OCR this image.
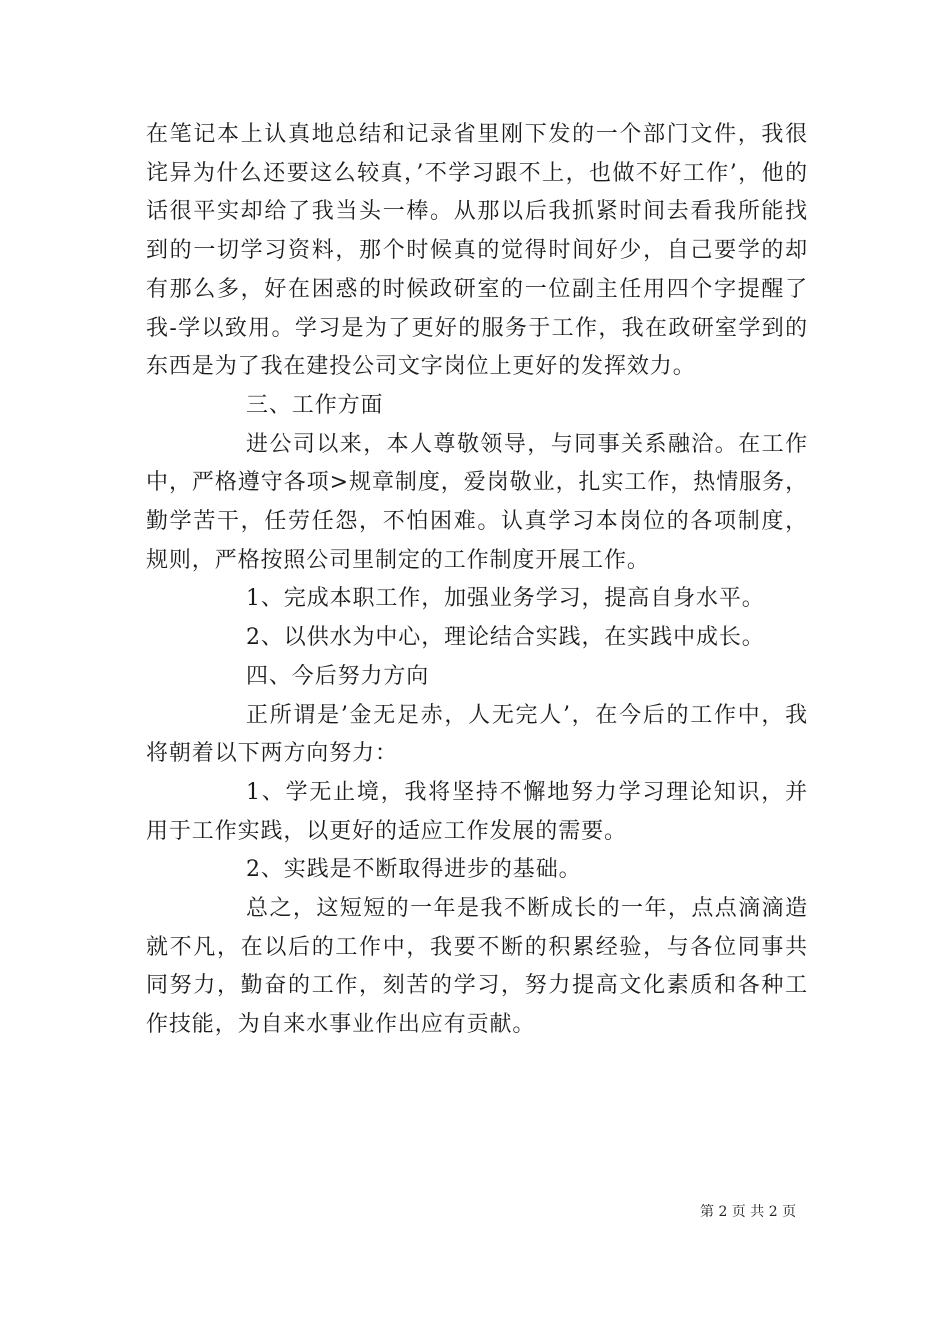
在笔记本上认真地总结和记录省里刚下发的一个部门文件，我很诧异为什么还要这么较真，’不学习跟不上，也做不好工作’，他的话很平实却给了我当头一棒。从那以后我抓紧时间去看我所能找到的一切学习资料，那个时候真的觉得时间好少，自己要学的却有那么多，好在困惑的时候政研室的一位副主任用四个字提醒了我-学以致用。学习是为了更好的服务于工作，我在政研室学到的东西是为了我在建投公司文字岗位上更好的发挥效力。

三、工作方面

进公司以来，本人尊敬领导，与同事关系融洽。在工作中，严格遵守各项>规章制度，爱岗敬业，扎实工作，热情服务，勤学苦干，任劳任怨，不怕困难。认真学习本岗位的各项制度，规则，严格按照公司里制定的工作制度开展工作。

1、完成本职工作，加强业务学习，提高自身水平。

2、以供水为中心，理论结合实践，在实践中成长。

四、今后努力方向

正所谓是’金无足赤，人无完人’，在今后的工作中，我将朝着以下两方向努力：

1、学无止境，我将坚持不懈地努力学习理论知识，并用于工作实践，以更好的适应工作发展的需要。

2、实践是不断取得进步的基础。

总之，这短短的一年是我不断成长的一年，点点滴滴造就不凡，在以后的工作中，我要不断的积累经验，与各位同事共同努力，勤奋的工作，刻苦的学习，努力提高文化素质和各种工作技能，为自来水事业作出应有贡献。

第 2 页 共 2 页
